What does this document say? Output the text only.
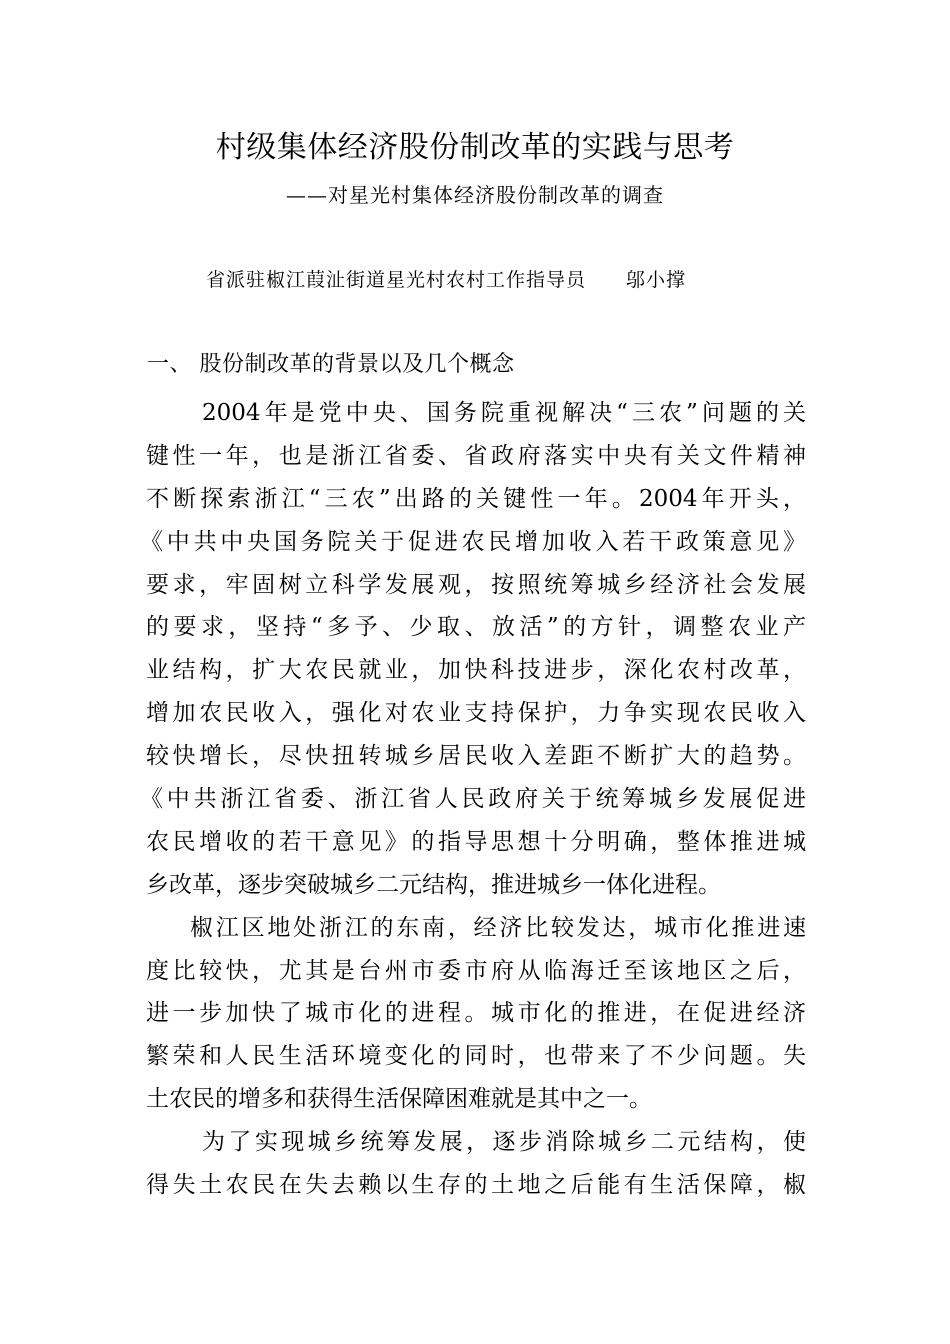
村级集体经济股份制改革的实践与思考
——对星光村集体经济股份制改革的调查
省派驻椒江葭沚街道星光村农村工作指导员 邬小撑
一、 股份制改革的背景以及几个概念
2004年是党中央、国务院重视解决“三农”问题的关
键性一年，也是浙江省委、省政府落实中央有关文件精神
不断探索浙江“三农”出路的关键性一年。2004年开头，
《中共中央国务院关于促进农民增加收入若干政策意见》
要求，牢固树立科学发展观，按照统筹城乡经济社会发展
的要求，坚持“多予、少取、放活”的方针，调整农业产
业结构，扩大农民就业，加快科技进步，深化农村改革，
增加农民收入，强化对农业支持保护，力争实现农民收入
较快增长，尽快扭转城乡居民收入差距不断扩大的趋势。
《中共浙江省委、浙江省人民政府关于统筹城乡发展促进
农民增收的若干意见》的指导思想十分明确，整体推进城
乡改革，逐步突破城乡二元结构，推进城乡一体化进程。
椒江区地处浙江的东南，经济比较发达，城市化推进速
度比较快，尤其是台州市委市府从临海迁至该地区之后，
进一步加快了城市化的进程。城市化的推进，在促进经济
繁荣和人民生活环境变化的同时，也带来了不少问题。失
土农民的增多和获得生活保障困难就是其中之一。
为了实现城乡统筹发展，逐步消除城乡二元结构，使
得失土农民在失去赖以生存的土地之后能有生活保障，椒
